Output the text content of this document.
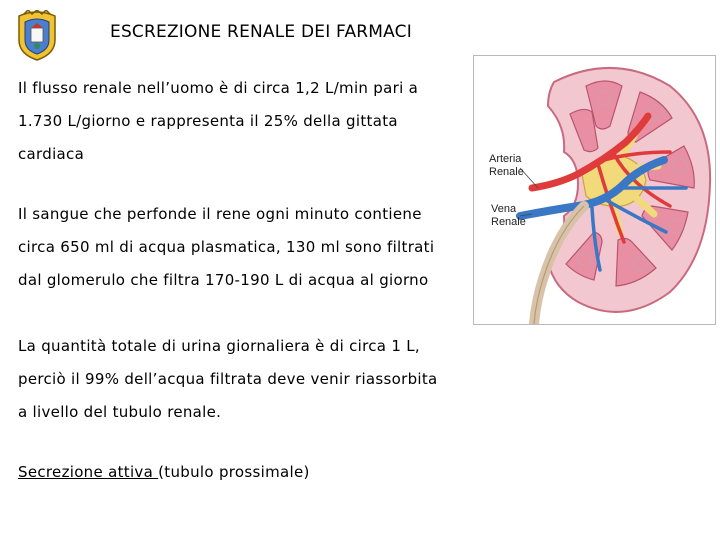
ESCREZIONE RENALE DEI FARMACI
Il flusso renale nell’uomo è di circa 1,2 L/min pari a
1.730 L/giorno e rappresenta il 25% della gittata
cardiaca
Il sangue che perfonde il rene ogni minuto contiene
circa 650 ml di acqua plasmatica, 130 ml sono filtrati
dal glomerulo che filtra 170-190 L di acqua al giorno
La quantità totale di urina giornaliera è di circa 1 L,
perciò il 99% dell’acqua filtrata deve venir riassorbita
a livello del tubulo renale.
Secrezione attiva (tubulo prossimale)
Arteria
Renale
Vena
Renale
